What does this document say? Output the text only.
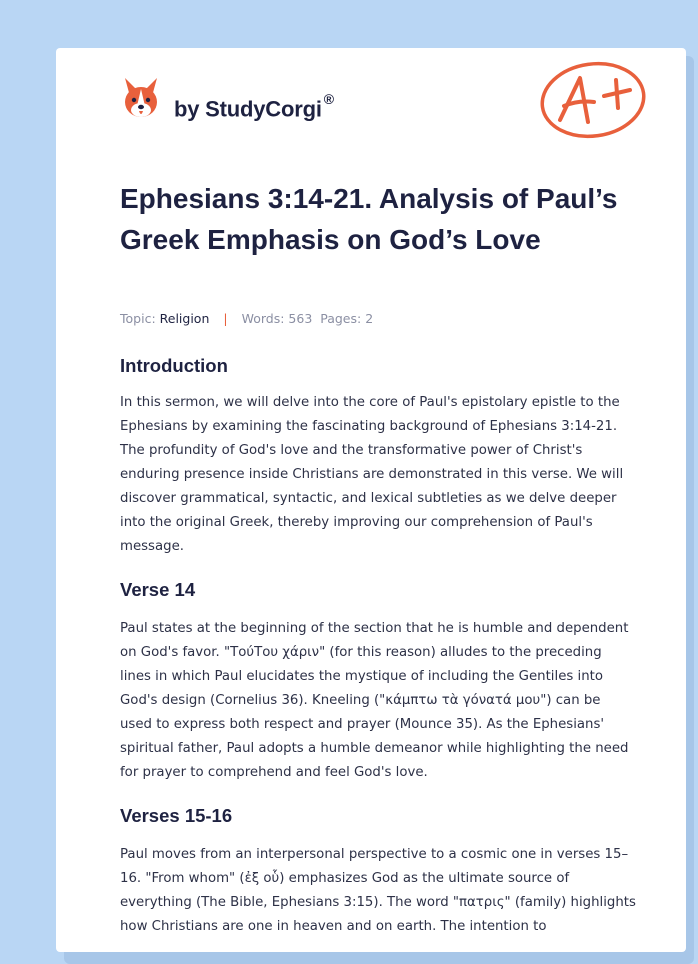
by StudyCorgi ®
Ephesians 3:14-21. Analysis of Paul’s Greek Emphasis on God’s Love
Topic: Religion | Words: 563 Pages: 2
Introduction

In this sermon, we will delve into the core of Paul's epistolary epistle to the Ephesians by examining the fascinating background of Ephesians 3:14-21. The profundity of God's love and the transformative power of Christ's enduring presence inside Christians are demonstrated in this verse. We will discover grammatical, syntactic, and lexical subtleties as we delve deeper into the original Greek, thereby improving our comprehension of Paul's message.

Verse 14

Paul states at the beginning of the section that he is humble and dependent on God's favor. "ΤούΤου χάριν" (for this reason) alludes to the preceding lines in which Paul elucidates the mystique of including the Gentiles into God's design (Cornelius 36). Kneeling ("κάμπτω τὰ γόνατά μου") can be used to express both respect and prayer (Mounce 35). As the Ephesians' spiritual father, Paul adopts a humble demeanor while highlighting the need for prayer to comprehend and feel God's love.

Verses 15-16

Paul moves from an interpersonal perspective to a cosmic one in verses 15–16. "From whom" (ἐξ οὗ) emphasizes God as the ultimate source of everything (The Bible, Ephesians 3:15). The word "πατρις" (family) highlights how Christians are one in heaven and on earth. The intention to
